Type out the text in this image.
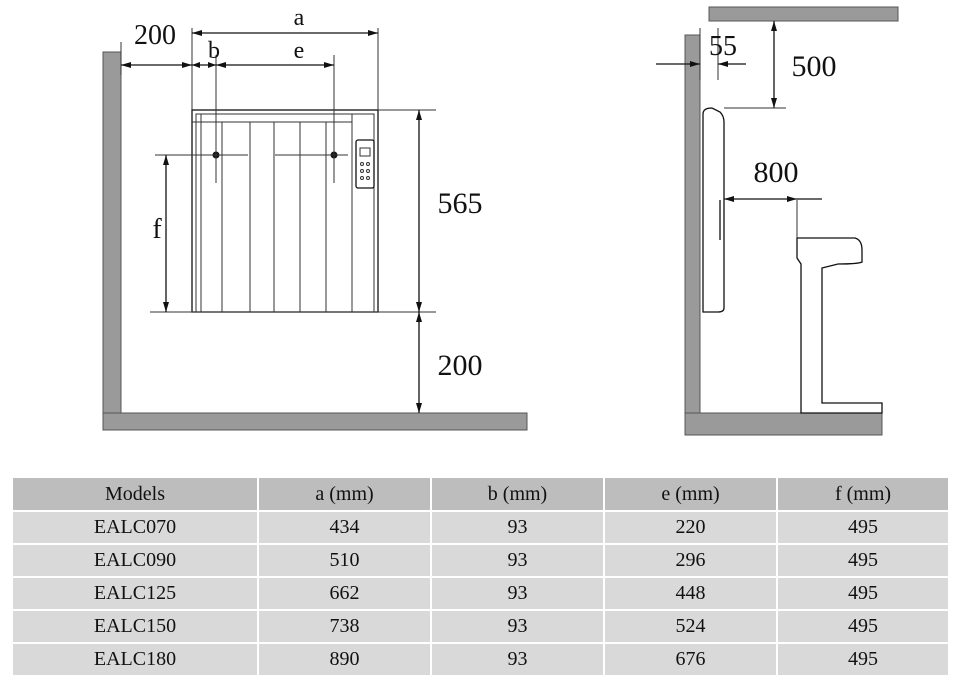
a
e
b
200
f
565
200
55
500
800
Models	a (mm)	b (mm)	e (mm)	f (mm)
EALC070	434	93	220	495
EALC090	510	93	296	495
EALC125	662	93	448	495
EALC150	738	93	524	495
EALC180	890	93	676	495
